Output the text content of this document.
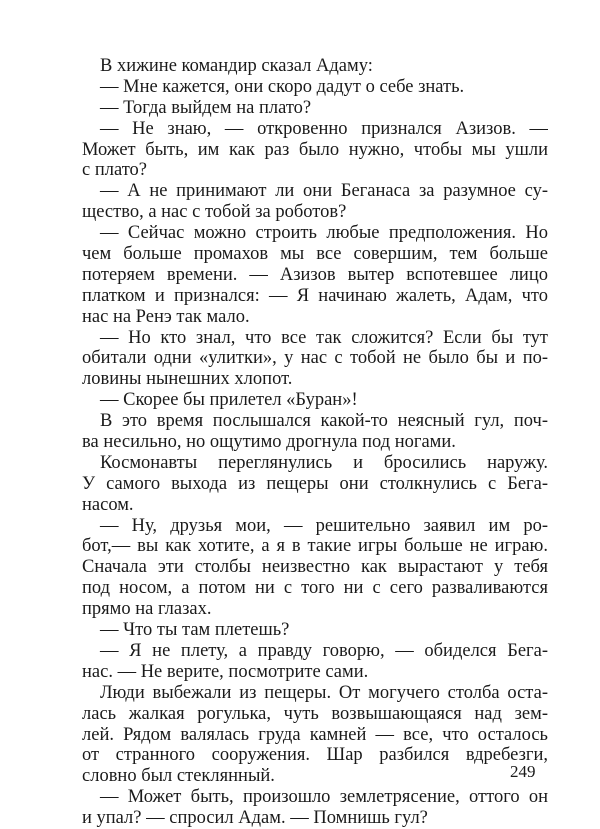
В хижине командир сказал Адаму:
— Мне кажется, они скоро дадут о себе знать.
— Тогда выйдем на плато?
— Не знаю, — откровенно признался Азизов. —
Может быть, им как раз было нужно, чтобы мы ушли
с плато?
— А не принимают ли они Беганаса за разумное су-
щество, а нас с тобой за роботов?
— Сейчас можно строить любые предположения. Но
чем больше промахов мы все совершим, тем больше
потеряем времени. — Азизов вытер вспотевшее лицо
платком и признался: — Я начинаю жалеть, Адам, что
нас на Ренэ так мало.
— Но кто знал, что все так сложится? Если бы тут
обитали одни «улитки», у нас с тобой не было бы и по-
ловины нынешних хлопот.
— Скорее бы прилетел «Буран»!
В это время послышался какой-то неясный гул, поч-
ва несильно, но ощутимо дрогнула под ногами.
Космонавты переглянулись и бросились наружу.
У самого выхода из пещеры они столкнулись с Бега-
насом.
— Ну, друзья мои, — решительно заявил им ро-
бот,— вы как хотите, а я в такие игры больше не играю.
Сначала эти столбы неизвестно как вырастают у тебя
под носом, а потом ни с того ни с сего разваливаются
прямо на глазах.
— Что ты там плетешь?
— Я не плету, а правду говорю, — обиделся Бега-
нас. — Не верите, посмотрите сами.
Люди выбежали из пещеры. От могучего столба оста-
лась жалкая рогулька, чуть возвышающаяся над зем-
лей. Рядом валялась груда камней — все, что осталось
от странного сооружения. Шар разбился вдребезги,
словно был стеклянный.
— Может быть, произошло землетрясение, оттого он
и упал? — спросил Адам. — Помнишь гул?
249
